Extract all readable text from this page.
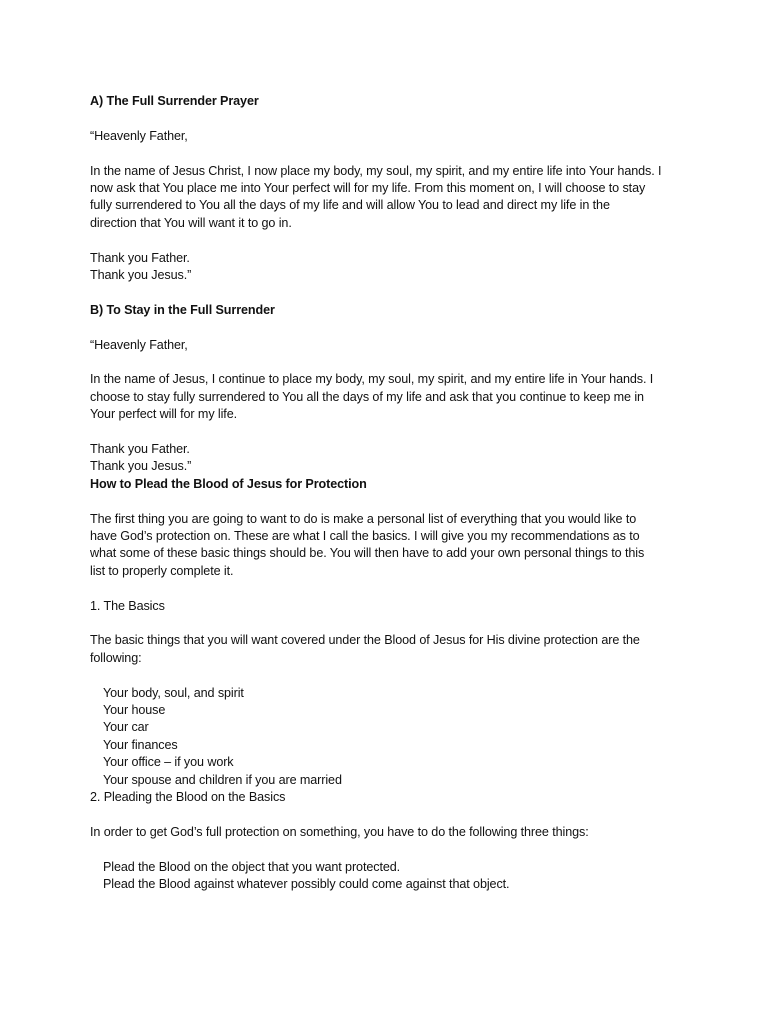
A) The Full Surrender Prayer
“Heavenly Father,
In the name of Jesus Christ, I now place my body, my soul, my spirit, and my entire life into Your hands. I
now ask that You place me into Your perfect will for my life. From this moment on, I will choose to stay
fully surrendered to You all the days of my life and will allow You to lead and direct my life in the
direction that You will want it to go in.
Thank you Father.
Thank you Jesus.”
B) To Stay in the Full Surrender
“Heavenly Father,
In the name of Jesus, I continue to place my body, my soul, my spirit, and my entire life in Your hands. I
choose to stay fully surrendered to You all the days of my life and ask that you continue to keep me in
Your perfect will for my life.
Thank you Father.
Thank you Jesus.”
How to Plead the Blood of Jesus for Protection
The first thing you are going to want to do is make a personal list of everything that you would like to
have God’s protection on. These are what I call the basics. I will give you my recommendations as to
what some of these basic things should be. You will then have to add your own personal things to this
list to properly complete it.
1. The Basics
The basic things that you will want covered under the Blood of Jesus for His divine protection are the
following:
Your body, soul, and spirit
Your house
Your car
Your finances
Your office – if you work
Your spouse and children if you are married
2. Pleading the Blood on the Basics
In order to get God’s full protection on something, you have to do the following three things:
Plead the Blood on the object that you want protected.
Plead the Blood against whatever possibly could come against that object.
